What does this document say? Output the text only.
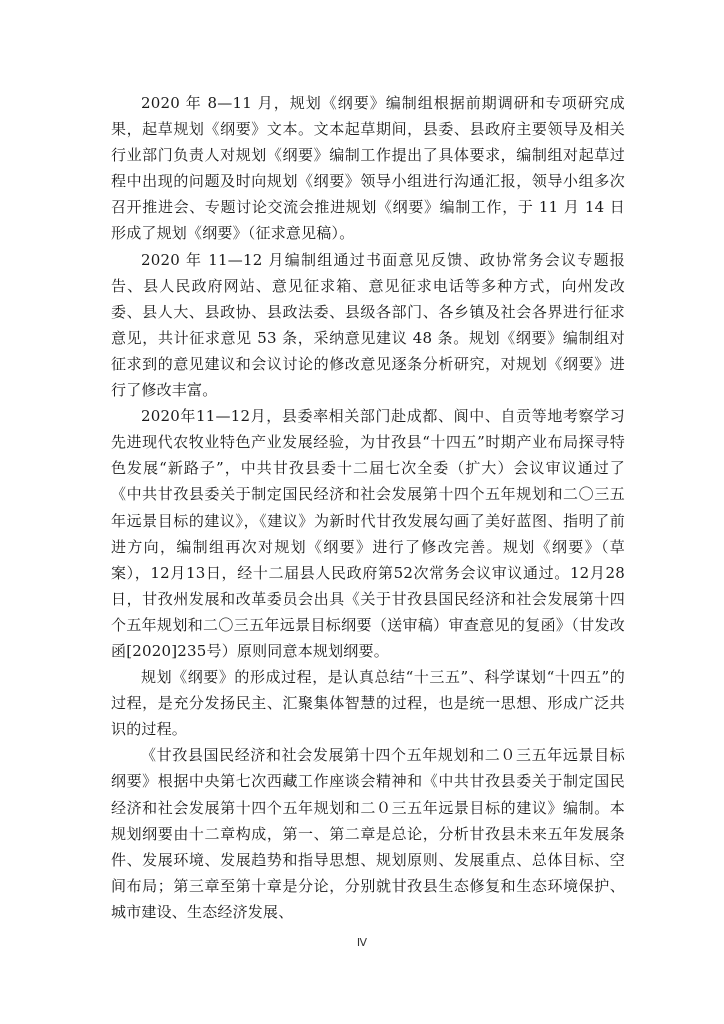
2020 年 8—11 月，规划《纲要》编制组根据前期调研和专项研究成果，起草规划《纲要》文本。文本起草期间，县委、县政府主要领导及相关行业部门负责人对规划《纲要》编制工作提出了具体要求，编制组对起草过程中出现的问题及时向规划《纲要》领导小组进行沟通汇报，领导小组多次召开推进会、专题讨论交流会推进规划《纲要》编制工作，于 11 月 14 日形成了规划《纲要》（征求意见稿）。

2020 年 11—12 月编制组通过书面意见反馈、政协常务会议专题报告、县人民政府网站、意见征求箱、意见征求电话等多种方式，向州发改委、县人大、县政协、县政法委、县级各部门、各乡镇及社会各界进行征求意见，共计征求意见 53 条，采纳意见建议 48 条。规划《纲要》编制组对征求到的意见建议和会议讨论的修改意见逐条分析研究，对规划《纲要》进行了修改丰富。

2020年11—12月，县委率相关部门赴成都、阆中、自贡等地考察学习先进现代农牧业特色产业发展经验，为甘孜县“十四五”时期产业布局探寻特色发展“新路子”，中共甘孜县委十二届七次全委（扩大）会议审议通过了《中共甘孜县委关于制定国民经济和社会发展第十四个五年规划和二〇三五年远景目标的建议》，《建议》为新时代甘孜发展勾画了美好蓝图、指明了前进方向，编制组再次对规划《纲要》进行了修改完善。规划《纲要》（草案），12月13日，经十二届县人民政府第52次常务会议审议通过。12月28日，甘孜州发展和改革委员会出具《关于甘孜县国民经济和社会发展第十四个五年规划和二〇三五年远景目标纲要（送审稿）审查意见的复函》（甘发改函[2020]235号）原则同意本规划纲要。

规划《纲要》的形成过程，是认真总结“十三五”、科学谋划“十四五”的过程，是充分发扬民主、汇聚集体智慧的过程，也是统一思想、形成广泛共识的过程。

《甘孜县国民经济和社会发展第十四个五年规划和二０三五年远景目标纲要》根据中央第七次西藏工作座谈会精神和《中共甘孜县委关于制定国民经济和社会发展第十四个五年规划和二０三五年远景目标的建议》编制。本规划纲要由十二章构成，第一、第二章是总论，分析甘孜县未来五年发展条件、发展环境、发展趋势和指导思想、规划原则、发展重点、总体目标、空间布局；第三章至第十章是分论，分别就甘孜县生态修复和生态环境保护、城市建设、生态经济发展、

Ⅳ
